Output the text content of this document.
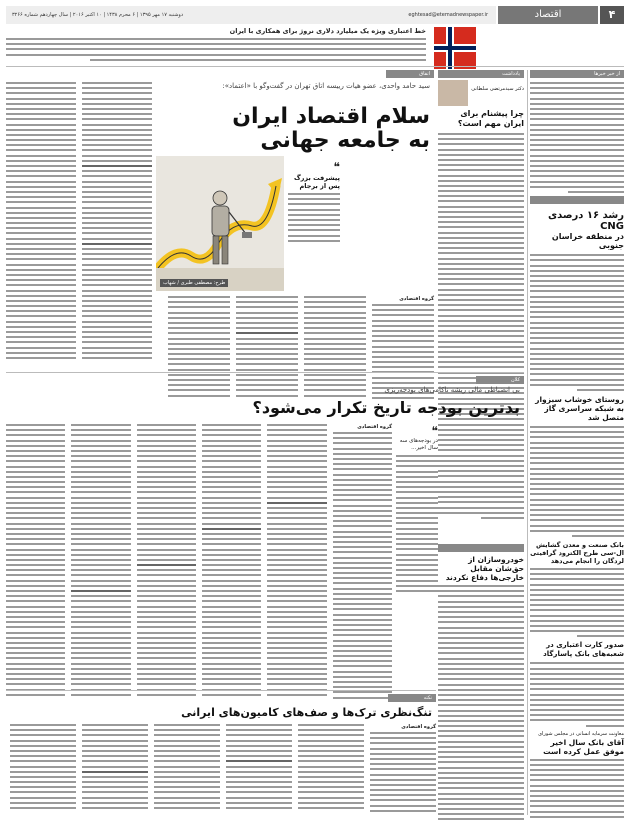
۴
اقتصاد
دوشنبه ۱۷ مهر ۱۳۹۵ | ۶ محرم ۱۴۳۸ | ۱۰ اکتبر ۲۰۱۶ | سال چهاردهم شماره ۳۲۶۶	eghtesad@etemadnewspaper.ir
خط اعتباری ویژه یک میلیارد دلاری نروژ برای همکاری با ایران
از خبر خبرها
رشد ۱۶ درصدی CNG
در منطقه خراسان جنوبی
روستای خوشاب سبزوار به شبکه سراسری گاز متصل شد
بانک صنعت و معدن گشایش ال-سی طرح الکترود گرافیتی لردگان را انجام می‌دهد
صدور کارت اعتباری در شعبه‌های بانک پاسارگاد
معاونت سرمایه انسانی در مجلس شورای
آقای بانک سال اخیر موفق عمل کرده است
یادداشت
دکتر سیدمرتضی سلطانی
چرا پیشنام برای ایران مهم است؟
اتفاق
سید حامد واحدی، عضو هیات رییسه اتاق تهران در گفت‌وگو با «اعتماد»:
سلام اقتصاد ایران
به جامعه جهانی
طرح: مصطفی طبری / شهاب
❝
پیشرفت بزرگ پس از برجام
گروه اقتصادی
کلان
بی انضباطی مالی ریشه ناکامی‌های بودجه‌ریزی
بدترین بودجه تاریخ تکرار می‌شود؟
❝
در بودجه‌های سه سال اخیر...
گروه اقتصادی
خودروسازان از حق‌شان مقابل خارجی‌ها دفاع نکردند
نکته
تنگ‌نظری ترک‌ها و صف‌های کامیون‌های ایرانی
گروه اقتصادی
